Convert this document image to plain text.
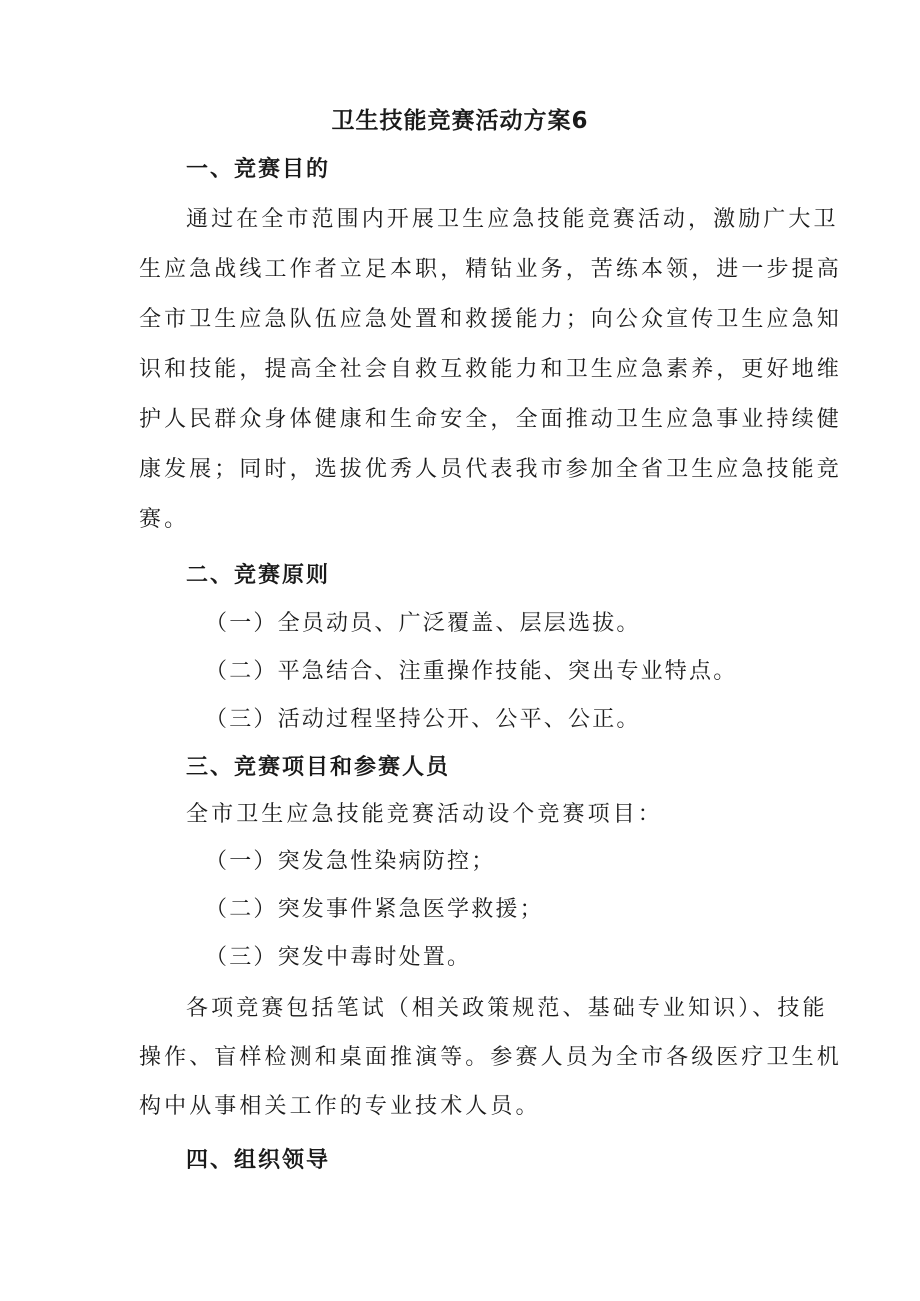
卫生技能竞赛活动方案6
一、竞赛目的
通过在全市范围内开展卫生应急技能竞赛活动，激励广大卫
生应急战线工作者立足本职，精钻业务，苦练本领，进一步提高
全市卫生应急队伍应急处置和救援能力；向公众宣传卫生应急知
识和技能，提高全社会自救互救能力和卫生应急素养，更好地维
护人民群众身体健康和生命安全，全面推动卫生应急事业持续健
康发展；同时，选拔优秀人员代表我市参加全省卫生应急技能竞
赛。
二、竞赛原则
（一）全员动员、广泛覆盖、层层选拔。
（二）平急结合、注重操作技能、突出专业特点。
（三）活动过程坚持公开、公平、公正。
三、竞赛项目和参赛人员
全市卫生应急技能竞赛活动设个竞赛项目：
（一）突发急性染病防控；
（二）突发事件紧急医学救援；
（三）突发中毒时处置。
各项竞赛包括笔试（相关政策规范、基础专业知识）、技能
操作、盲样检测和桌面推演等。参赛人员为全市各级医疗卫生机
构中从事相关工作的专业技术人员。
四、组织领导
